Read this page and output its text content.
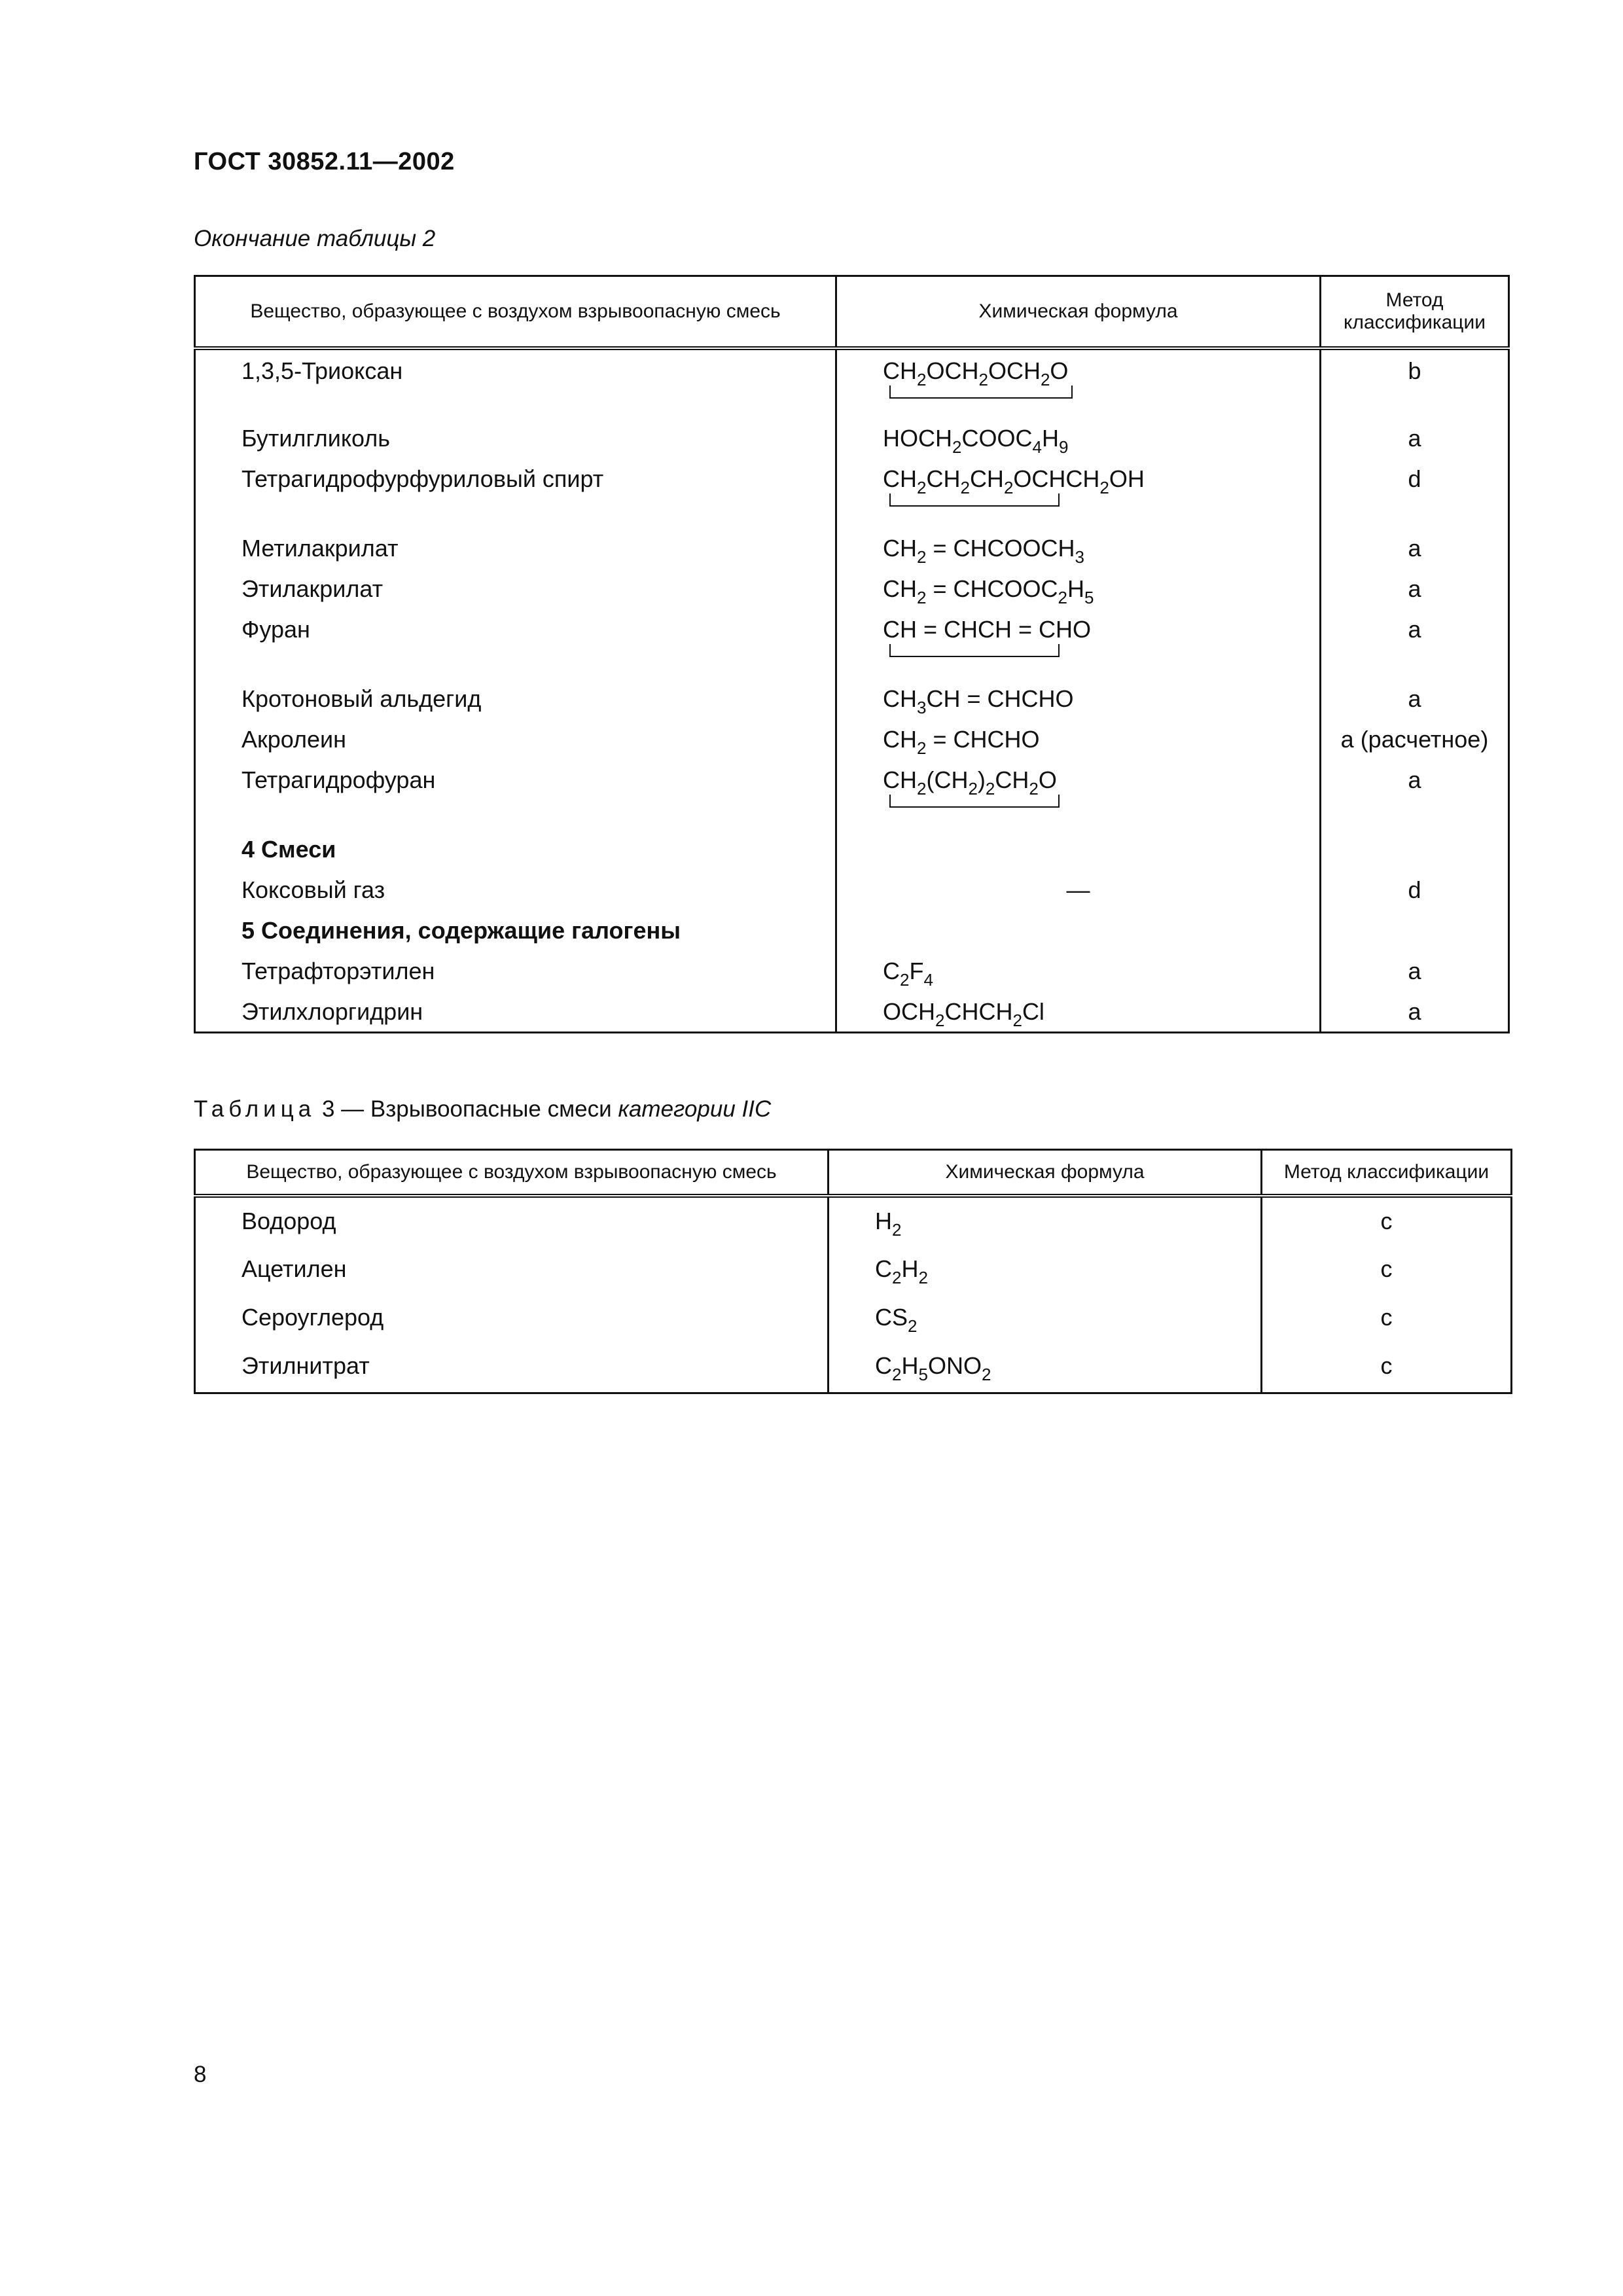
ГОСТ 30852.11—2002
Окончание таблицы 2
Вещество, образующее с воздухом взрывоопасную смесь	Химическая формула	Метод классификации

1,3,5-Триоксан	$CH_2OCH_2OCH_2O$	b

Бутилгликоль	$HOCH_2COOC_4H_9$	a

Тетрагидрофурфуриловый спирт	$CH_2CH_2CH_2OCHCH_2OH$	d

Метилакрилат	$CH_2$ = $CHCOOCH_3$	a

Этилакрилат	$CH_2$ = $CHCOOC_2H_5$	a

Фуран	CH = CHCH = CHO	a

Кротоновый альдегид	$CH_3CH$ = CHCHO	a

Акролеин	$CH_2$ = CHCHO	a (расчетное)

Тетрагидрофуран	$CH_2(CH_2)_2CH_2O$	a

4 Смеси		

Коксовый газ	—	d

5 Соединения, содержащие галогены		

Тетрафторэтилен	$C_2F_4$	a

Этилхлоргидрин	$OCH_2CHCH_2Cl$	a
Таблица 3 — Взрывоопасные смеси категории IIC
Вещество, образующее с воздухом взрывоопасную смесь	Химическая формула	Метод классификации

Водород	$H_2$	c

Ацетилен	$C_2H_2$	c

Сероуглерод	$CS_2$	c

Этилнитрат	$C_2H_5ONO_2$	c
8
